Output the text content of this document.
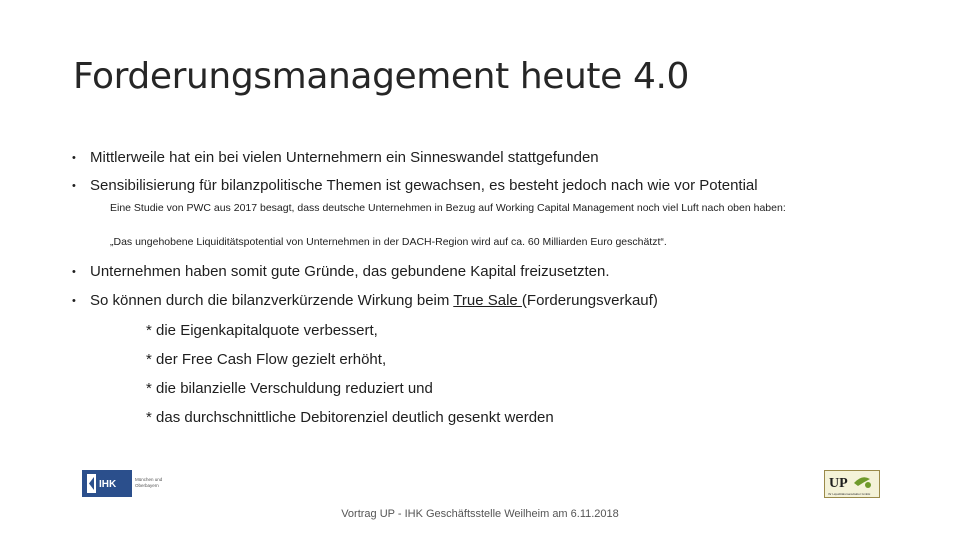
Forderungsmanagement heute 4.0
• Mittlerweile hat ein bei vielen Unternehmern ein Sinneswandel stattgefunden
• Sensibilisierung für bilanzpolitische Themen ist gewachsen, es besteht jedoch nach wie vor Potential
Eine Studie von PWC aus 2017 besagt, dass deutsche Unternehmen in Bezug auf Working Capital Management noch viel Luft nach oben haben:
„Das ungehobene Liquiditätspotential von Unternehmen in der DACH-Region wird auf ca. 60 Milliarden Euro geschätzt“.
• Unternehmen haben somit gute Gründe, das gebundene Kapital freizusetzten.
• So können durch die bilanzverkürzende Wirkung beim True Sale (Forderungsverkauf)
* die Eigenkapitalquote verbessert,
* der Free Cash Flow gezielt erhöht,
* die bilanzielle Verschuldung reduziert und
* das durchschnittliche Debitorenziel deutlich gesenkt werden
IHK	München und
Oberbayern	UP
Ihr Liquiditätsmanufaktur GmbH
Vortrag UP - IHK Geschäftsstelle Weilheim am 6.11.2018
